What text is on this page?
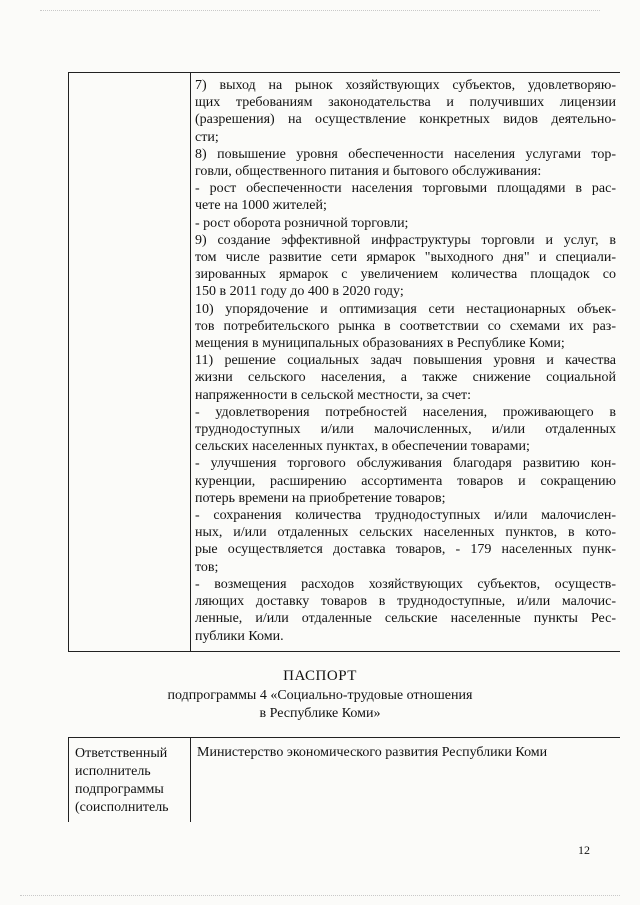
7) выход на рынок хозяйствующих субъектов, удовлетворяю-

щих требованиям законодательства и получивших лицензии

(разрешения) на осуществление конкретных видов деятельно-

сти;

8) повышение уровня обеспеченности населения услугами тор-

говли, общественного питания и бытового обслуживания:

- рост обеспеченности населения торговыми площадями в рас-

чете на 1000 жителей;

- рост оборота розничной торговли;

9) создание эффективной инфраструктуры торговли и услуг, в

том числе развитие сети ярмарок "выходного дня" и специали-

зированных ярмарок с увеличением количества площадок со

150 в 2011 году до 400 в 2020 году;

10) упорядочение и оптимизация сети нестационарных объек-

тов потребительского рынка в соответствии со схемами их раз-

мещения в муниципальных образованиях в Республике Коми;

11) решение социальных задач повышения уровня и качества

жизни сельского населения, а также снижение социальной

напряженности в сельской местности, за счет:

- удовлетворения потребностей населения, проживающего в

труднодоступных и/или малочисленных, и/или отдаленных

сельских населенных пунктах, в обеспечении товарами;

- улучшения торгового обслуживания благодаря развитию кон-

куренции, расширению ассортимента товаров и сокращению

потерь времени на приобретение товаров;

- сохранения количества труднодоступных и/или малочислен-

ных, и/или отдаленных сельских населенных пунктов, в кото-

рые осуществляется доставка товаров, - 179 населенных пунк-

тов;

- возмещения расходов хозяйствующих субъектов, осуществ-

ляющих доставку товаров в труднодоступные, и/или малочис-

ленные, и/или отдаленные сельские населенные пункты Рес-

публики Коми.

ПАСПОРТ
подпрограммы 4 «Социально-трудовые отношения
в Республике Коми»
Ответственный
исполнитель
подпрограммы
(соисполнитель
Министерство экономического развития Республики Коми
12
